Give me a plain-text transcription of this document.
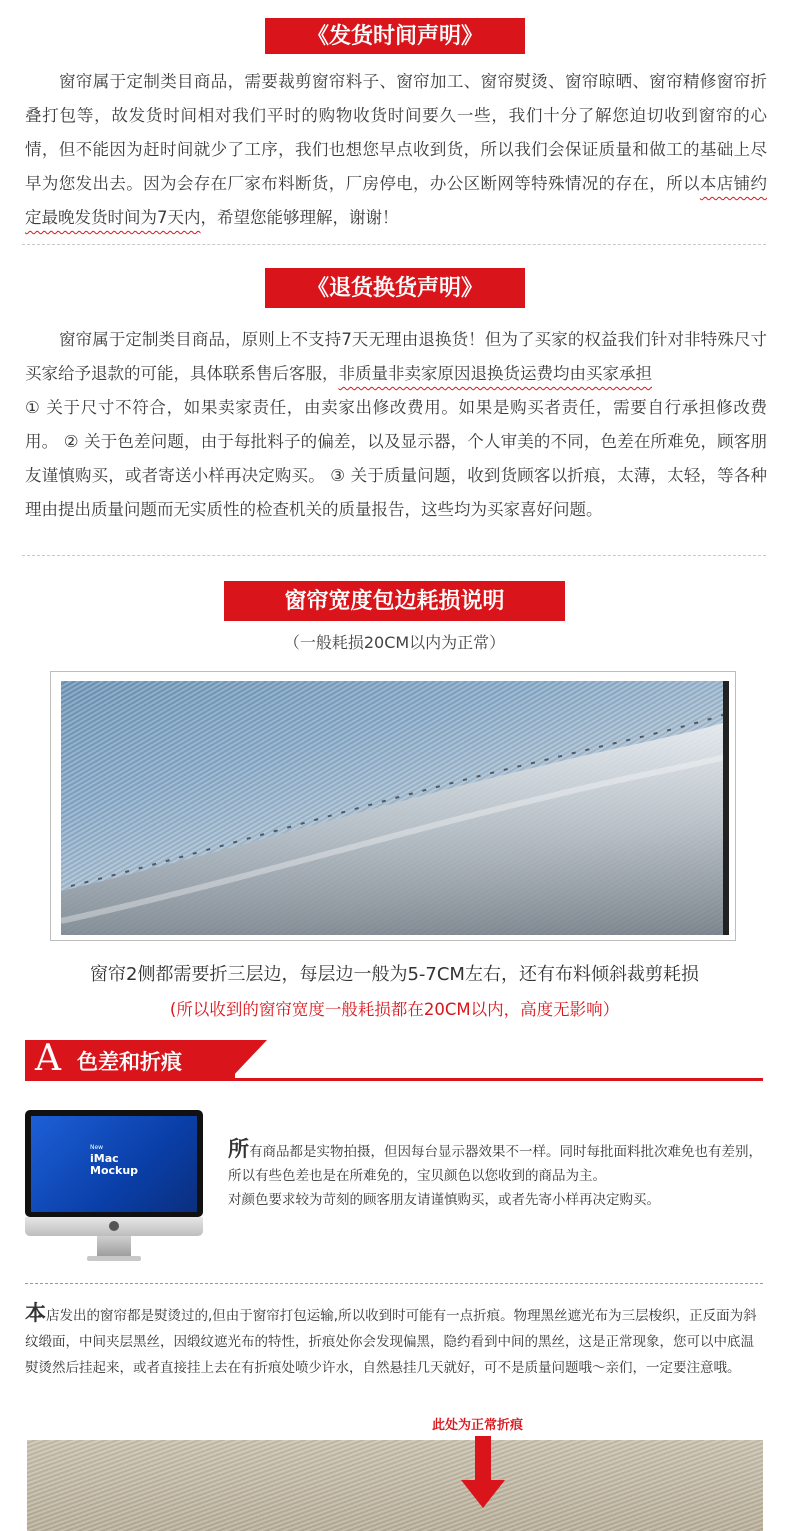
《发货时间声明》

窗帘属于定制类目商品，需要裁剪窗帘料子、窗帘加工、窗帘熨烫、窗帘晾晒、窗帘精修窗帘折叠打包等，故发货时间相对我们平时的购物收货时间要久一些，我们十分了解您迫切收到窗帘的心情，但不能因为赶时间就少了工序，我们也想您早点收到货，所以我们会保证质量和做工的基础上尽早为您发出去。因为会存在厂家布料断货，厂房停电，办公区断网等特殊情况的存在，所以本店铺约定最晚发货时间为7天内，希望您能够理解，谢谢！

《退货换货声明》

窗帘属于定制类目商品，原则上不支持7天无理由退换货！但为了买家的权益我们针对非特殊尺寸买家给予退款的可能，具体联系售后客服，非质量非卖家原因退换货运费均由买家承担
① 关于尺寸不符合，如果卖家责任，由卖家出修改费用。如果是购买者责任，需要自行承担修改费用。 ② 关于色差问题，由于每批料子的偏差，以及显示器，个人审美的不同，色差在所难免，顾客朋友谨慎购买，或者寄送小样再决定购买。 ③ 关于质量问题，收到货顾客以折痕，太薄，太轻，等各种理由提出质量问题而无实质性的检查机关的质量报告，这些均为买家喜好问题。

窗帘宽度包边耗损说明
（一般耗损20CM以内为正常）
窗帘2侧都需要折三层边，每层边一般为5-7CM左右，还有布料倾斜裁剪耗损
(所以收到的窗帘宽度一般耗损都在20CM以内，高度无影响）
A 色差和折痕
New
iMac
Mockup

所有商品都是实物拍摄，但因每台显示器效果不一样。同时每批面料批次难免也有差别，所以有些色差也是在所难免的，宝贝颜色以您收到的商品为主。
对颜色要求较为苛刻的顾客朋友请谨慎购买，或者先寄小样再决定购买。

本店发出的窗帘都是熨烫过的,但由于窗帘打包运输,所以收到时可能有一点折痕。物理黑丝遮光布为三层梭织，正反面为斜纹缎面，中间夹层黑丝，因缎纹遮光布的特性，折痕处你会发现偏黑，隐约看到中间的黑丝，这是正常现象，您可以中底温熨烫然后挂起来，或者直接挂上去在有折痕处喷少许水，自然悬挂几天就好，可不是质量问题哦～亲们，一定要注意哦。

此处为正常折痕
